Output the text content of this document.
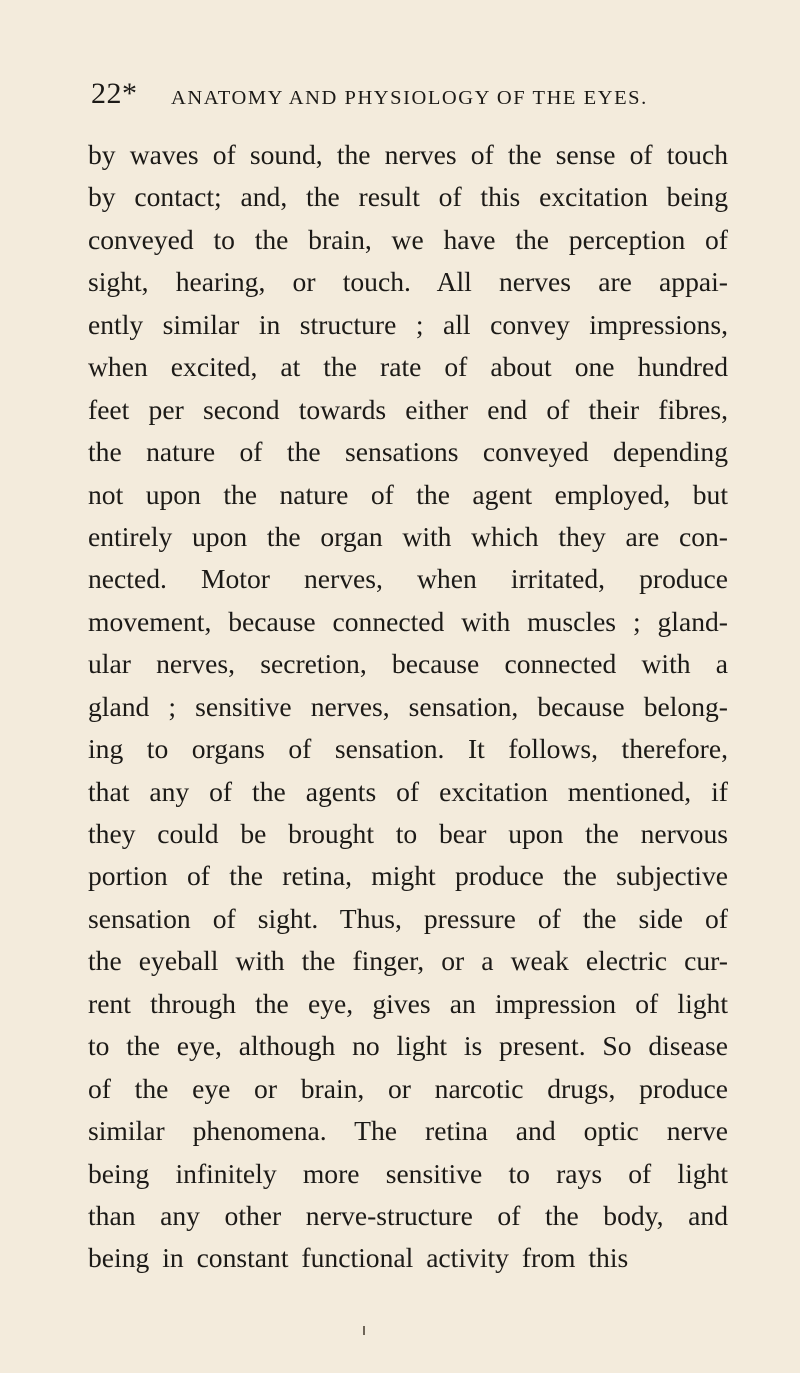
22* ANATOMY AND PHYSIOLOGY OF THE EYES.
by waves of sound, the nerves of the sense of touch
by contact; and, the result of this excitation being
conveyed to the brain, we have the perception of
sight, hearing, or touch. All nerves are appai-
ently similar in structure ; all convey impressions,
when excited, at the rate of about one hundred
feet per second towards either end of their fibres,
the nature of the sensations conveyed depending
not upon the nature of the agent employed, but
entirely upon the organ with which they are con-
nected. Motor nerves, when irritated, produce
movement, because connected with muscles ; gland-
ular nerves, secretion, because connected with a
gland ; sensitive nerves, sensation, because belong-
ing to organs of sensation. It follows, therefore,
that any of the agents of excitation mentioned, if
they could be brought to bear upon the nervous
portion of the retina, might produce the subjective
sensation of sight. Thus, pressure of the side of
the eyeball with the finger, or a weak electric cur-
rent through the eye, gives an impression of light
to the eye, although no light is present. So disease
of the eye or brain, or narcotic drugs, produce
similar phenomena. The retina and optic nerve
being infinitely more sensitive to rays of light
than any other nerve-structure of the body, and
being in constant functional activity from this
